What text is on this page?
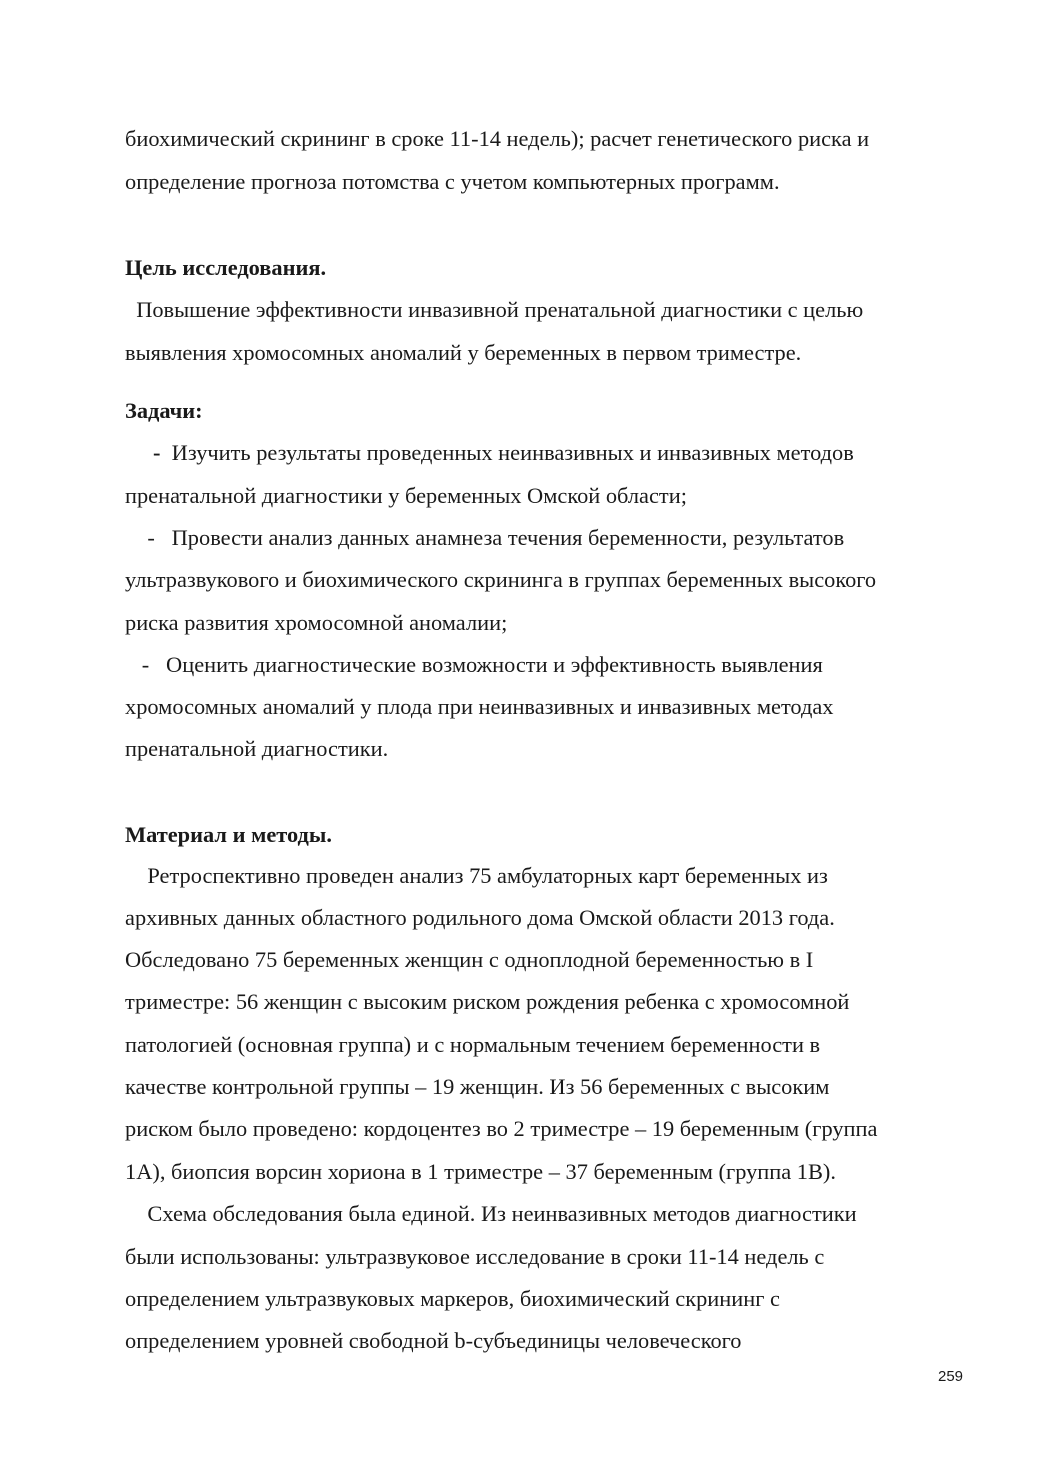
биохимический скрининг в сроке 11-14 недель); расчет генетического риска и
определение прогноза потомства с учетом компьютерных программ.
Цель исследования.
Повышение эффективности инвазивной пренатальной диагностики с целью
выявления хромосомных аномалий у беременных в первом триместре.
Задачи:
-  Изучить результаты проведенных неинвазивных и инвазивных методов
пренатальной диагностики у беременных Омской области;
-   Провести анализ данных анамнеза течения беременности, результатов
ультразвукового и биохимического скрининга в группах беременных высокого
риска развития хромосомной аномалии;
-   Оценить диагностические возможности и эффективность выявления
хромосомных аномалий у плода при неинвазивных и инвазивных методах
пренатальной диагностики.
Материал и методы.
Ретроспективно проведен анализ 75 амбулаторных карт беременных из
архивных данных областного родильного дома Омской области 2013 года.
Обследовано 75 беременных женщин с одноплодной беременностью в I
триместре: 56 женщин с высоким риском рождения ребенка с хромосомной
патологией (основная группа) и с нормальным течением беременности в
качестве контрольной группы – 19 женщин. Из 56 беременных с высоким
риском было проведено: кордоцентез во 2 триместре – 19 беременным (группа
1А), биопсия ворсин хориона в 1 триместре – 37 беременным (группа 1В).
Схема обследования была единой. Из неинвазивных методов диагностики
были использованы: ультразвуковое исследование в сроки 11-14 недель с
определением ультразвуковых маркеров, биохимический скрининг с
определением уровней свободной b-субъединицы человеческого
259
